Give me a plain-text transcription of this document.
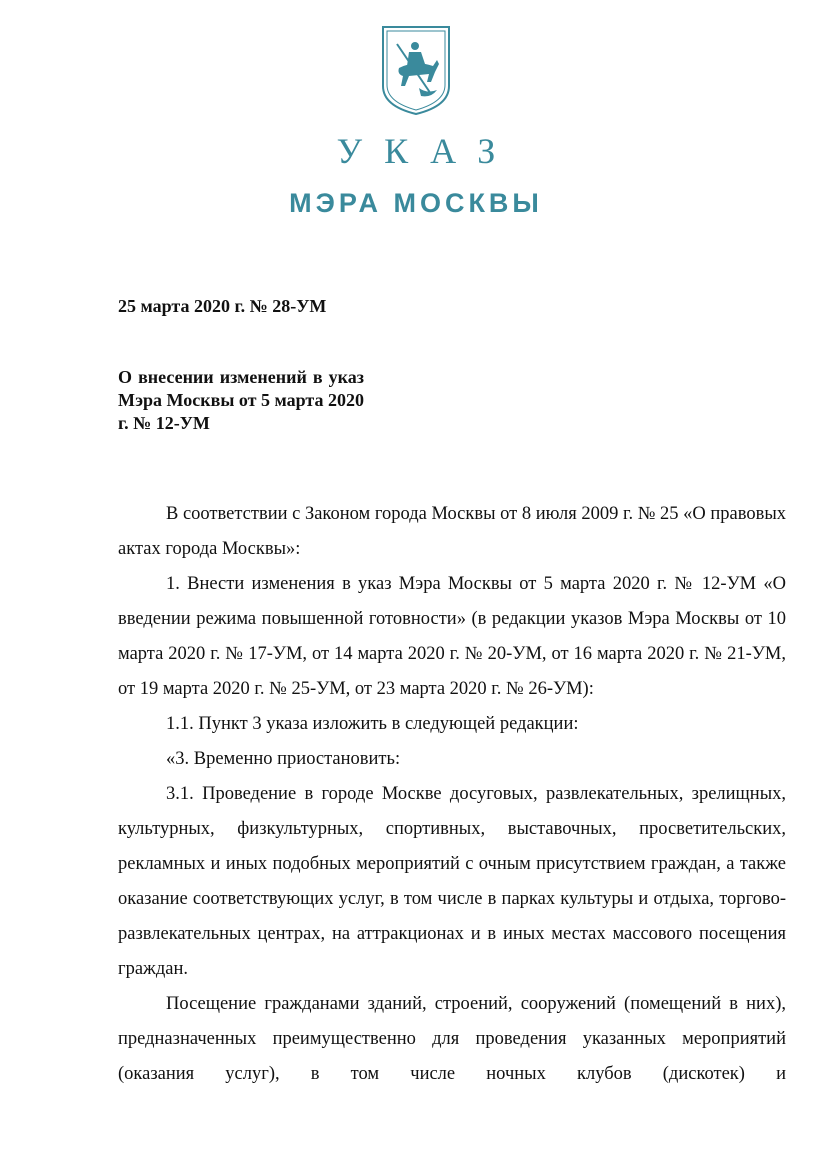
УКАЗ
МЭРА МОСКВЫ
25 марта 2020 г. № 28-УМ
О внесении изменений в указ Мэра Москвы от 5 марта 2020 г. № 12-УМ

В соответствии с Законом города Москвы от 8 июля 2009 г. № 25 «О правовых актах города Москвы»:

1. Внести изменения в указ Мэра Москвы от 5 марта 2020 г. № 12-УМ «О введении режима повышенной готовности» (в редакции указов Мэра Москвы от 10 марта 2020 г. № 17-УМ, от 14 марта 2020 г. № 20-УМ, от 16 марта 2020 г. № 21-УМ, от 19 марта 2020 г. № 25-УМ, от 23 марта 2020 г. № 26-УМ):

1.1. Пункт 3 указа изложить в следующей редакции:

«3. Временно приостановить:

3.1. Проведение в городе Москве досуговых, развлекательных, зрелищных, культурных, физкультурных, спортивных, выставочных, просветительских, рекламных и иных подобных мероприятий с очным присутствием граждан, а также оказание соответствующих услуг, в том числе в парках культуры и отдыха, торгово-развлекательных центрах, на аттракционах и в иных местах массового посещения граждан.

Посещение гражданами зданий, строений, сооружений (помещений в них), предназначенных преимущественно для проведения указанных мероприятий (оказания услуг), в том числе ночных клубов (дискотек) и
